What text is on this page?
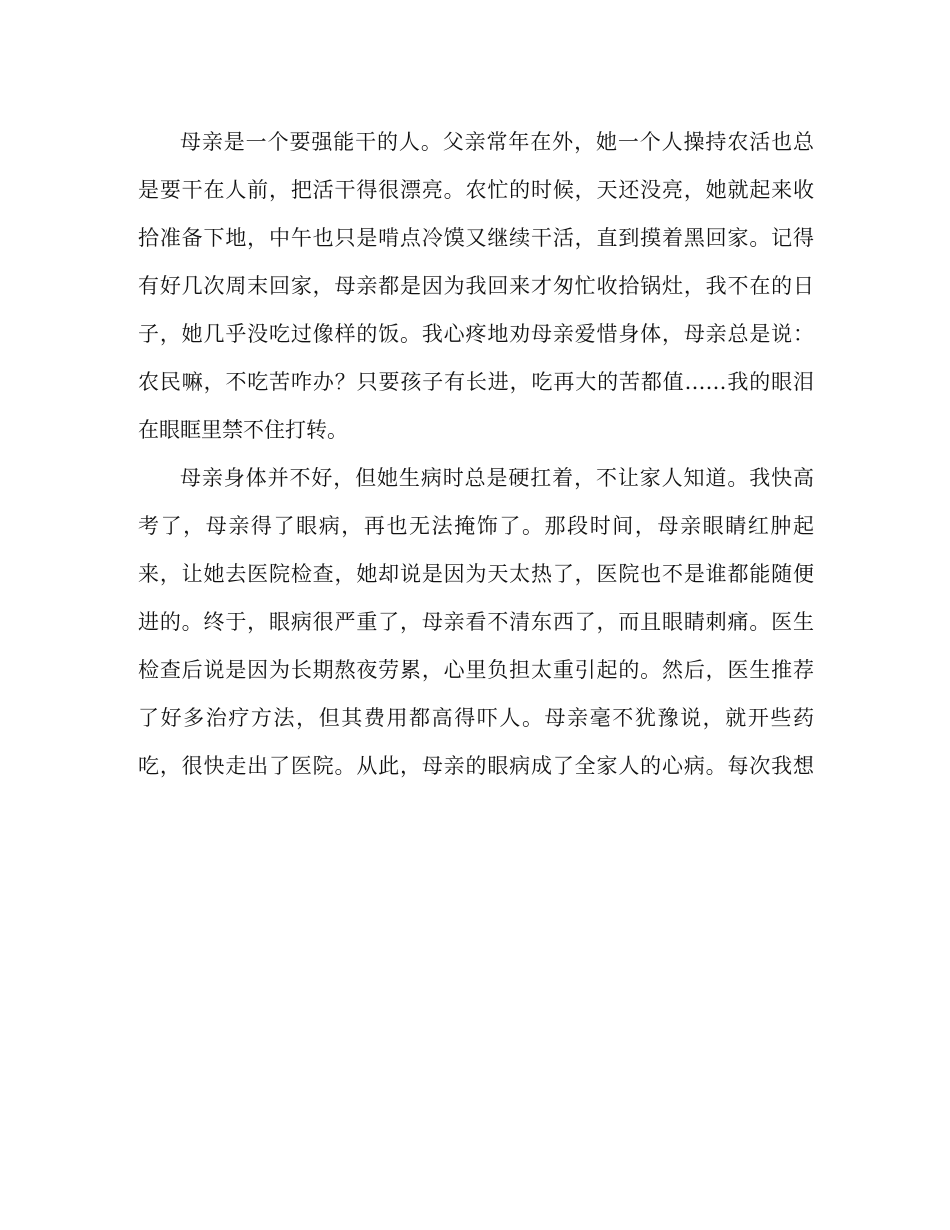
母亲是一个要强能干的人。父亲常年在外，她一个人操持农活也总
是要干在人前，把活干得很漂亮。农忙的时候，天还没亮，她就起来收
拾准备下地，中午也只是啃点冷馍又继续干活，直到摸着黑回家。记得
有好几次周末回家，母亲都是因为我回来才匆忙收拾锅灶，我不在的日
子，她几乎没吃过像样的饭。我心疼地劝母亲爱惜身体，母亲总是说：
农民嘛，不吃苦咋办？只要孩子有长进，吃再大的苦都值……我的眼泪
在眼眶里禁不住打转。
母亲身体并不好，但她生病时总是硬扛着，不让家人知道。我快高
考了，母亲得了眼病，再也无法掩饰了。那段时间，母亲眼睛红肿起
来，让她去医院检查，她却说是因为天太热了，医院也不是谁都能随便
进的。终于，眼病很严重了，母亲看不清东西了，而且眼睛刺痛。医生
检查后说是因为长期熬夜劳累，心里负担太重引起的。然后，医生推荐
了好多治疗方法，但其费用都高得吓人。母亲毫不犹豫说，就开些药
吃，很快走出了医院。从此，母亲的眼病成了全家人的心病。每次我想
